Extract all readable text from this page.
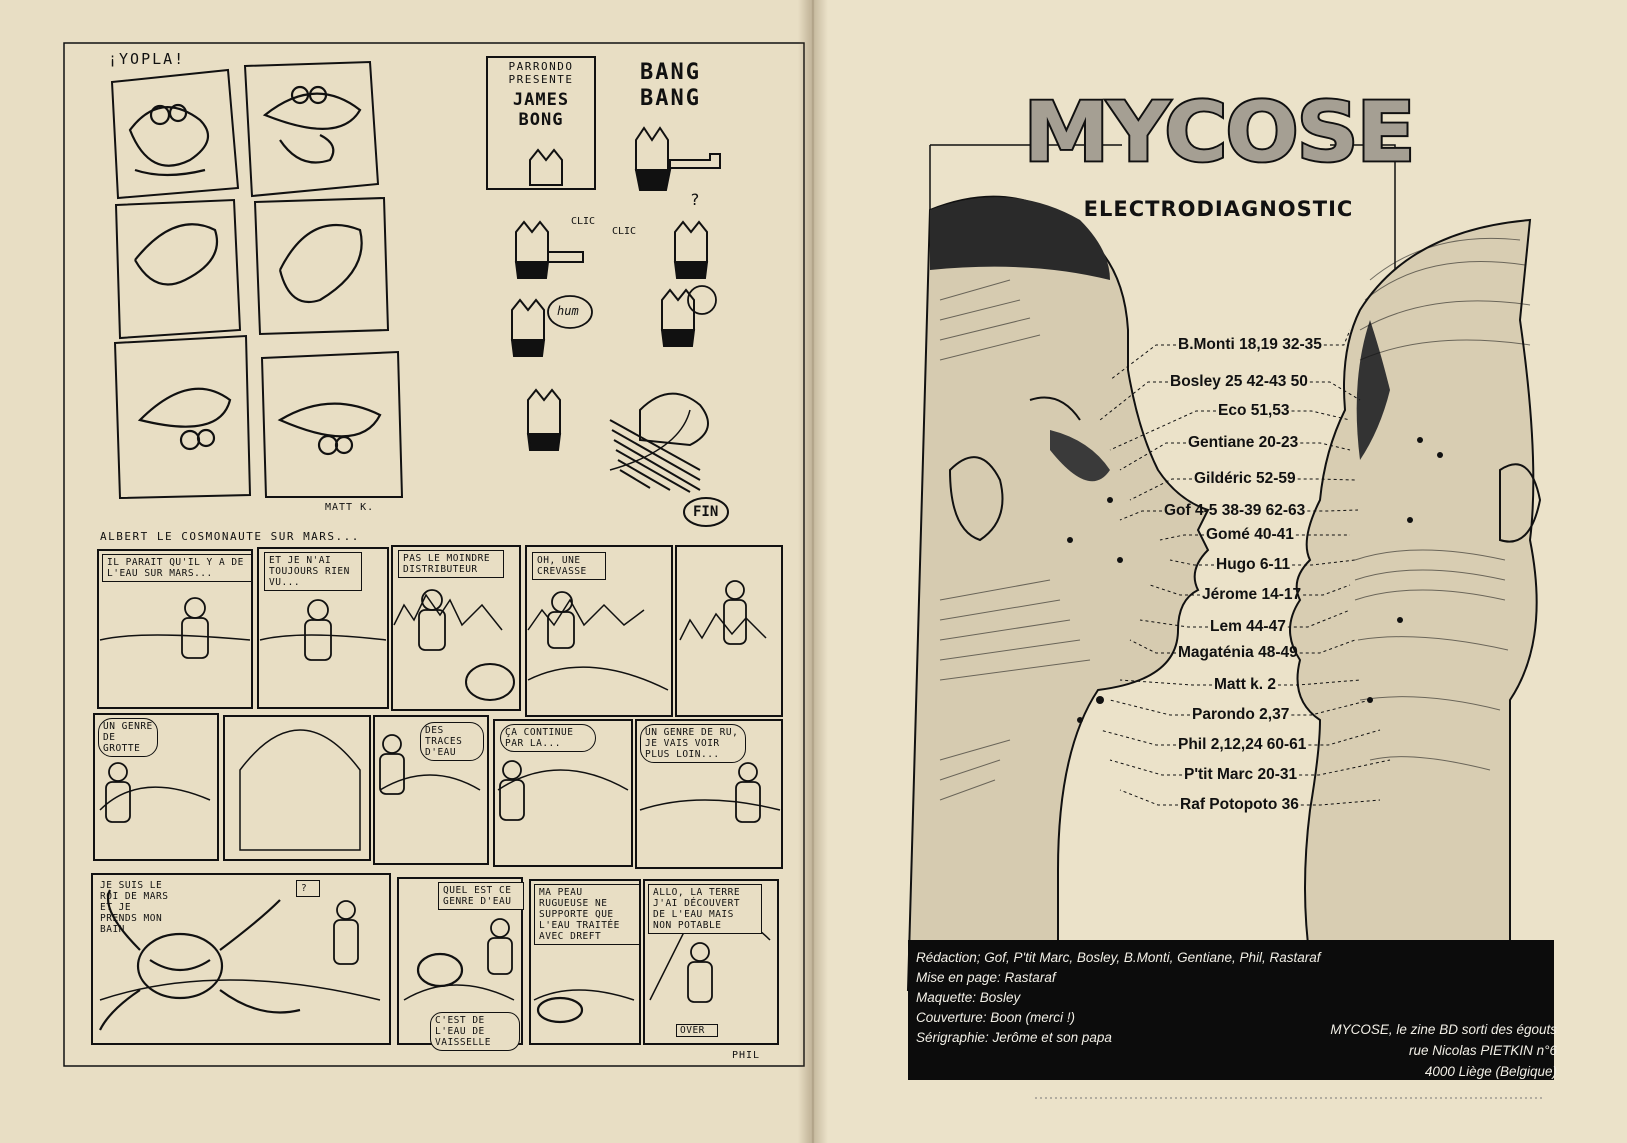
¡YOPLA!
MATT K.
PARRONDO
PRESENTE
JAMES
BONG
BANG BANG
CLIC
CLIC
hum
?
FIN
ALBERT LE COSMONAUTE SUR MARS...
IL PARAIT QU'IL Y A DE L'EAU SUR MARS...
ET JE N'AI TOUJOURS RIEN VU...
PAS LE MOINDRE DISTRIBUTEUR
OH, UNE CREVASSE
UN GENRE DE GROTTE
DES TRACES D'EAU
ÇA CONTINUE PAR LA...
UN GENRE DE RU, JE VAIS VOIR PLUS LOIN...
JE SUIS LE ROI DE MARS ET JE PRENDS MON BAIN
?	QUEL EST CE GENRE D'EAU
MA PEAU RUGUEUSE NE SUPPORTE QUE L'EAU TRAITÉE AVEC DREFT
ALLO, LA TERRE J'AI DÉCOUVERT DE L'EAU MAIS NON POTABLE
C'EST DE L'EAU DE VAISSELLE
OVER
PHIL
MYCOSE
ELECTRODIAGNOSTIC
B.Monti 18,19 32-35
Bosley 25 42-43 50
Eco 51,53
Gentiane 20-23
Gildéric 52-59
Gof 4-5 38-39 62-63
Gomé 40-41
Hugo 6-11
Jérome 14-17
Lem 44-47
Magaténia 48-49
Matt k. 2
Parondo 2,37
Phil 2,12,24 60-61
P'tit Marc 20-31
Raf Potopoto 36
Rédaction; Gof, P'tit Marc, Bosley, B.Monti, Gentiane, Phil, Rastaraf
Mise en page: Rastaraf
Maquette: Bosley
Couverture: Boon (merci !)
Sérigraphie: Jerôme et son papa
MYCOSE, le zine BD sorti des égouts
rue Nicolas PIETKIN n°6
4000 Liège (Belgique)
